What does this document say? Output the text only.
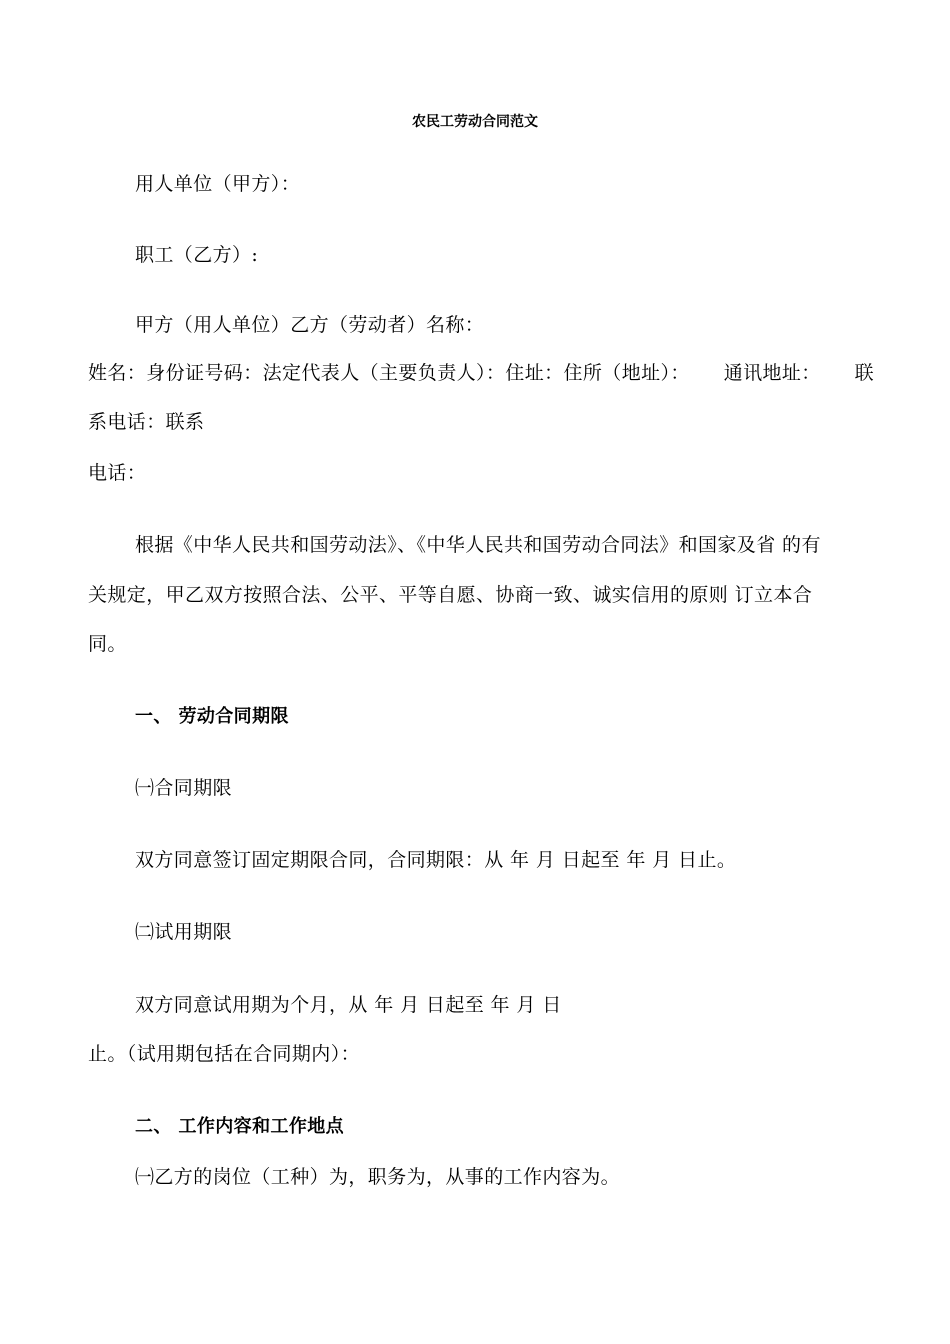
农民工劳动合同范文
用人单位（甲方）：
职工（乙方）:
甲方（用人单位）乙方（劳动者）名称：
姓名：身份证号码：法定代表人（主要负责人）：住址：住所（地址）： 通讯地址： 联
系电话：联系
电话：
根据《中华人民共和国劳动法》、《中华人民共和国劳动合同法》和国家及省 的有
关规定，甲乙双方按照合法、公平、平等自愿、协商一致、诚实信用的原则 订立本合
同。
一、 劳动合同期限
㈠合同期限
双方同意签订固定期限合同，合同期限：从 年 月 日起至 年 月 日止。
㈡试用期限
双方同意试用期为个月，从 年 月 日起至 年 月 日
止。（试用期包括在合同期内）：
二、 工作内容和工作地点
㈠乙方的岗位（工种）为，职务为，从事的工作内容为。
